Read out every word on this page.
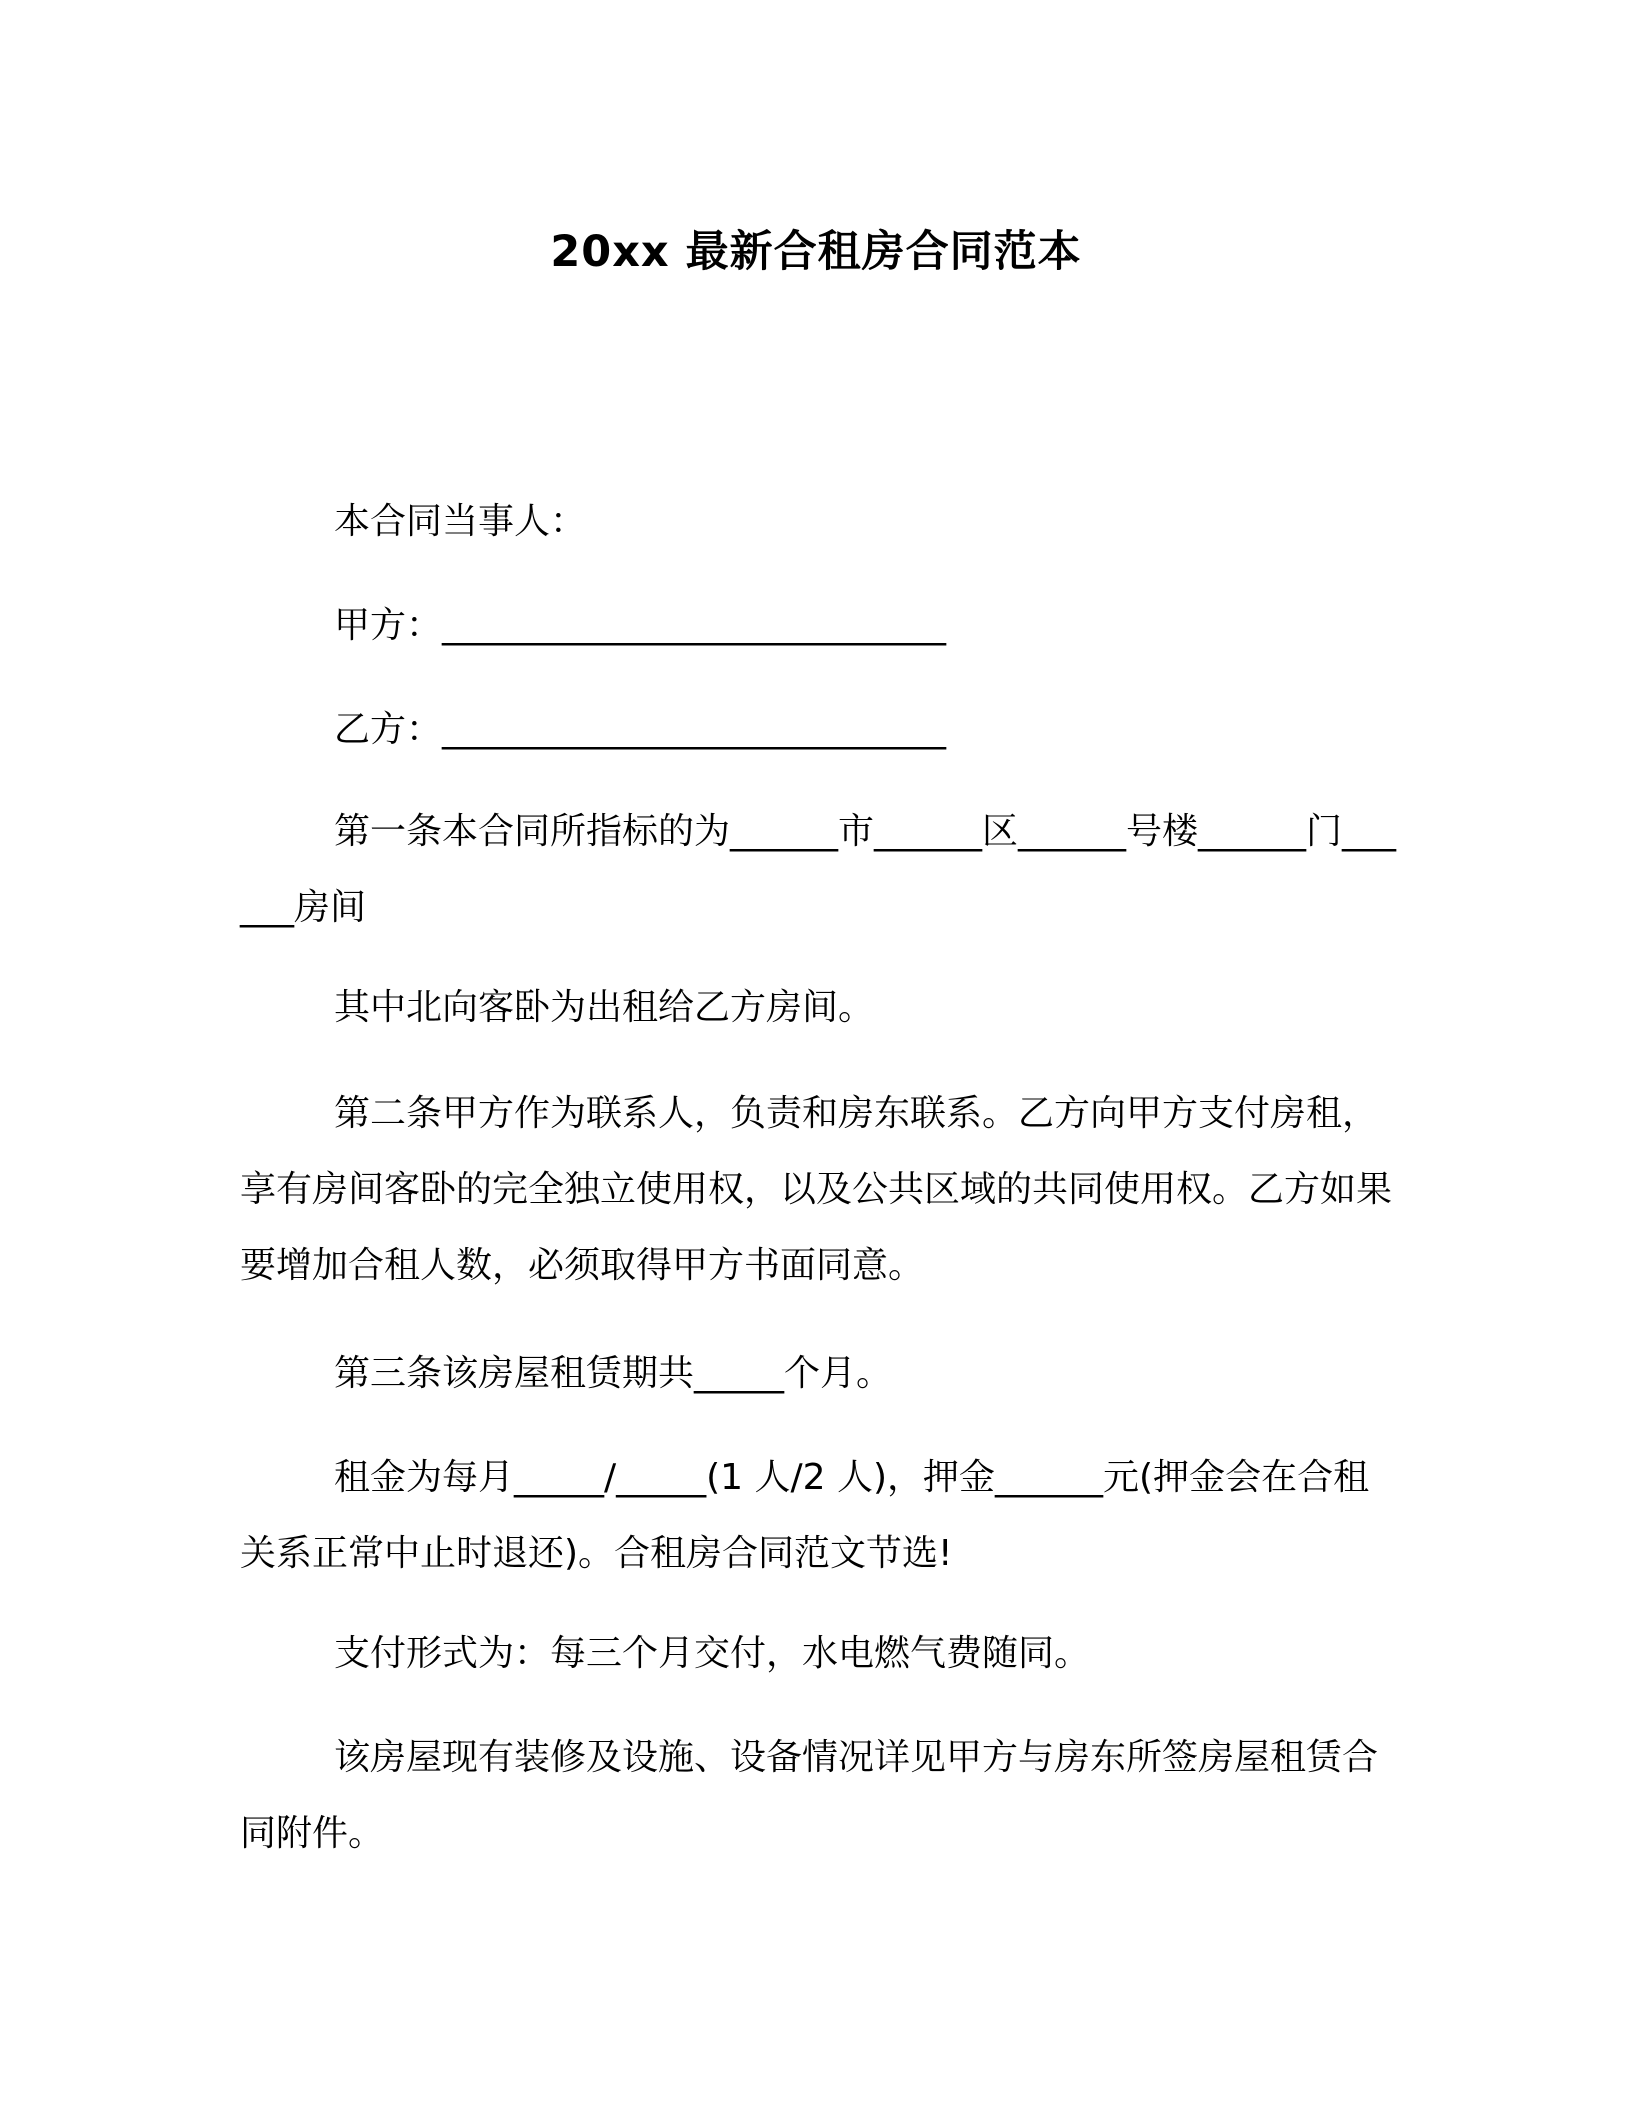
20xx 最新合租房合同范本

本合同当事人：

甲方：____________________________

乙方：____________________________

第一条本合同所指标的为______市______区______号楼______门______房间

其中北向客卧为出租给乙方房间。

第二条甲方作为联系人，负责和房东联系。乙方向甲方支付房租，享有房间客卧的完全独立使用权，以及公共区域的共同使用权。乙方如果要增加合租人数，必须取得甲方书面同意。

第三条该房屋租赁期共_____个月。

租金为每月_____/_____(1 人/2 人)，押金______元(押金会在合租关系正常中止时退还)。合租房合同范文节选!

支付形式为：每三个月交付，水电燃气费随同。

该房屋现有装修及设施、设备情况详见甲方与房东所签房屋租赁合同附件。
